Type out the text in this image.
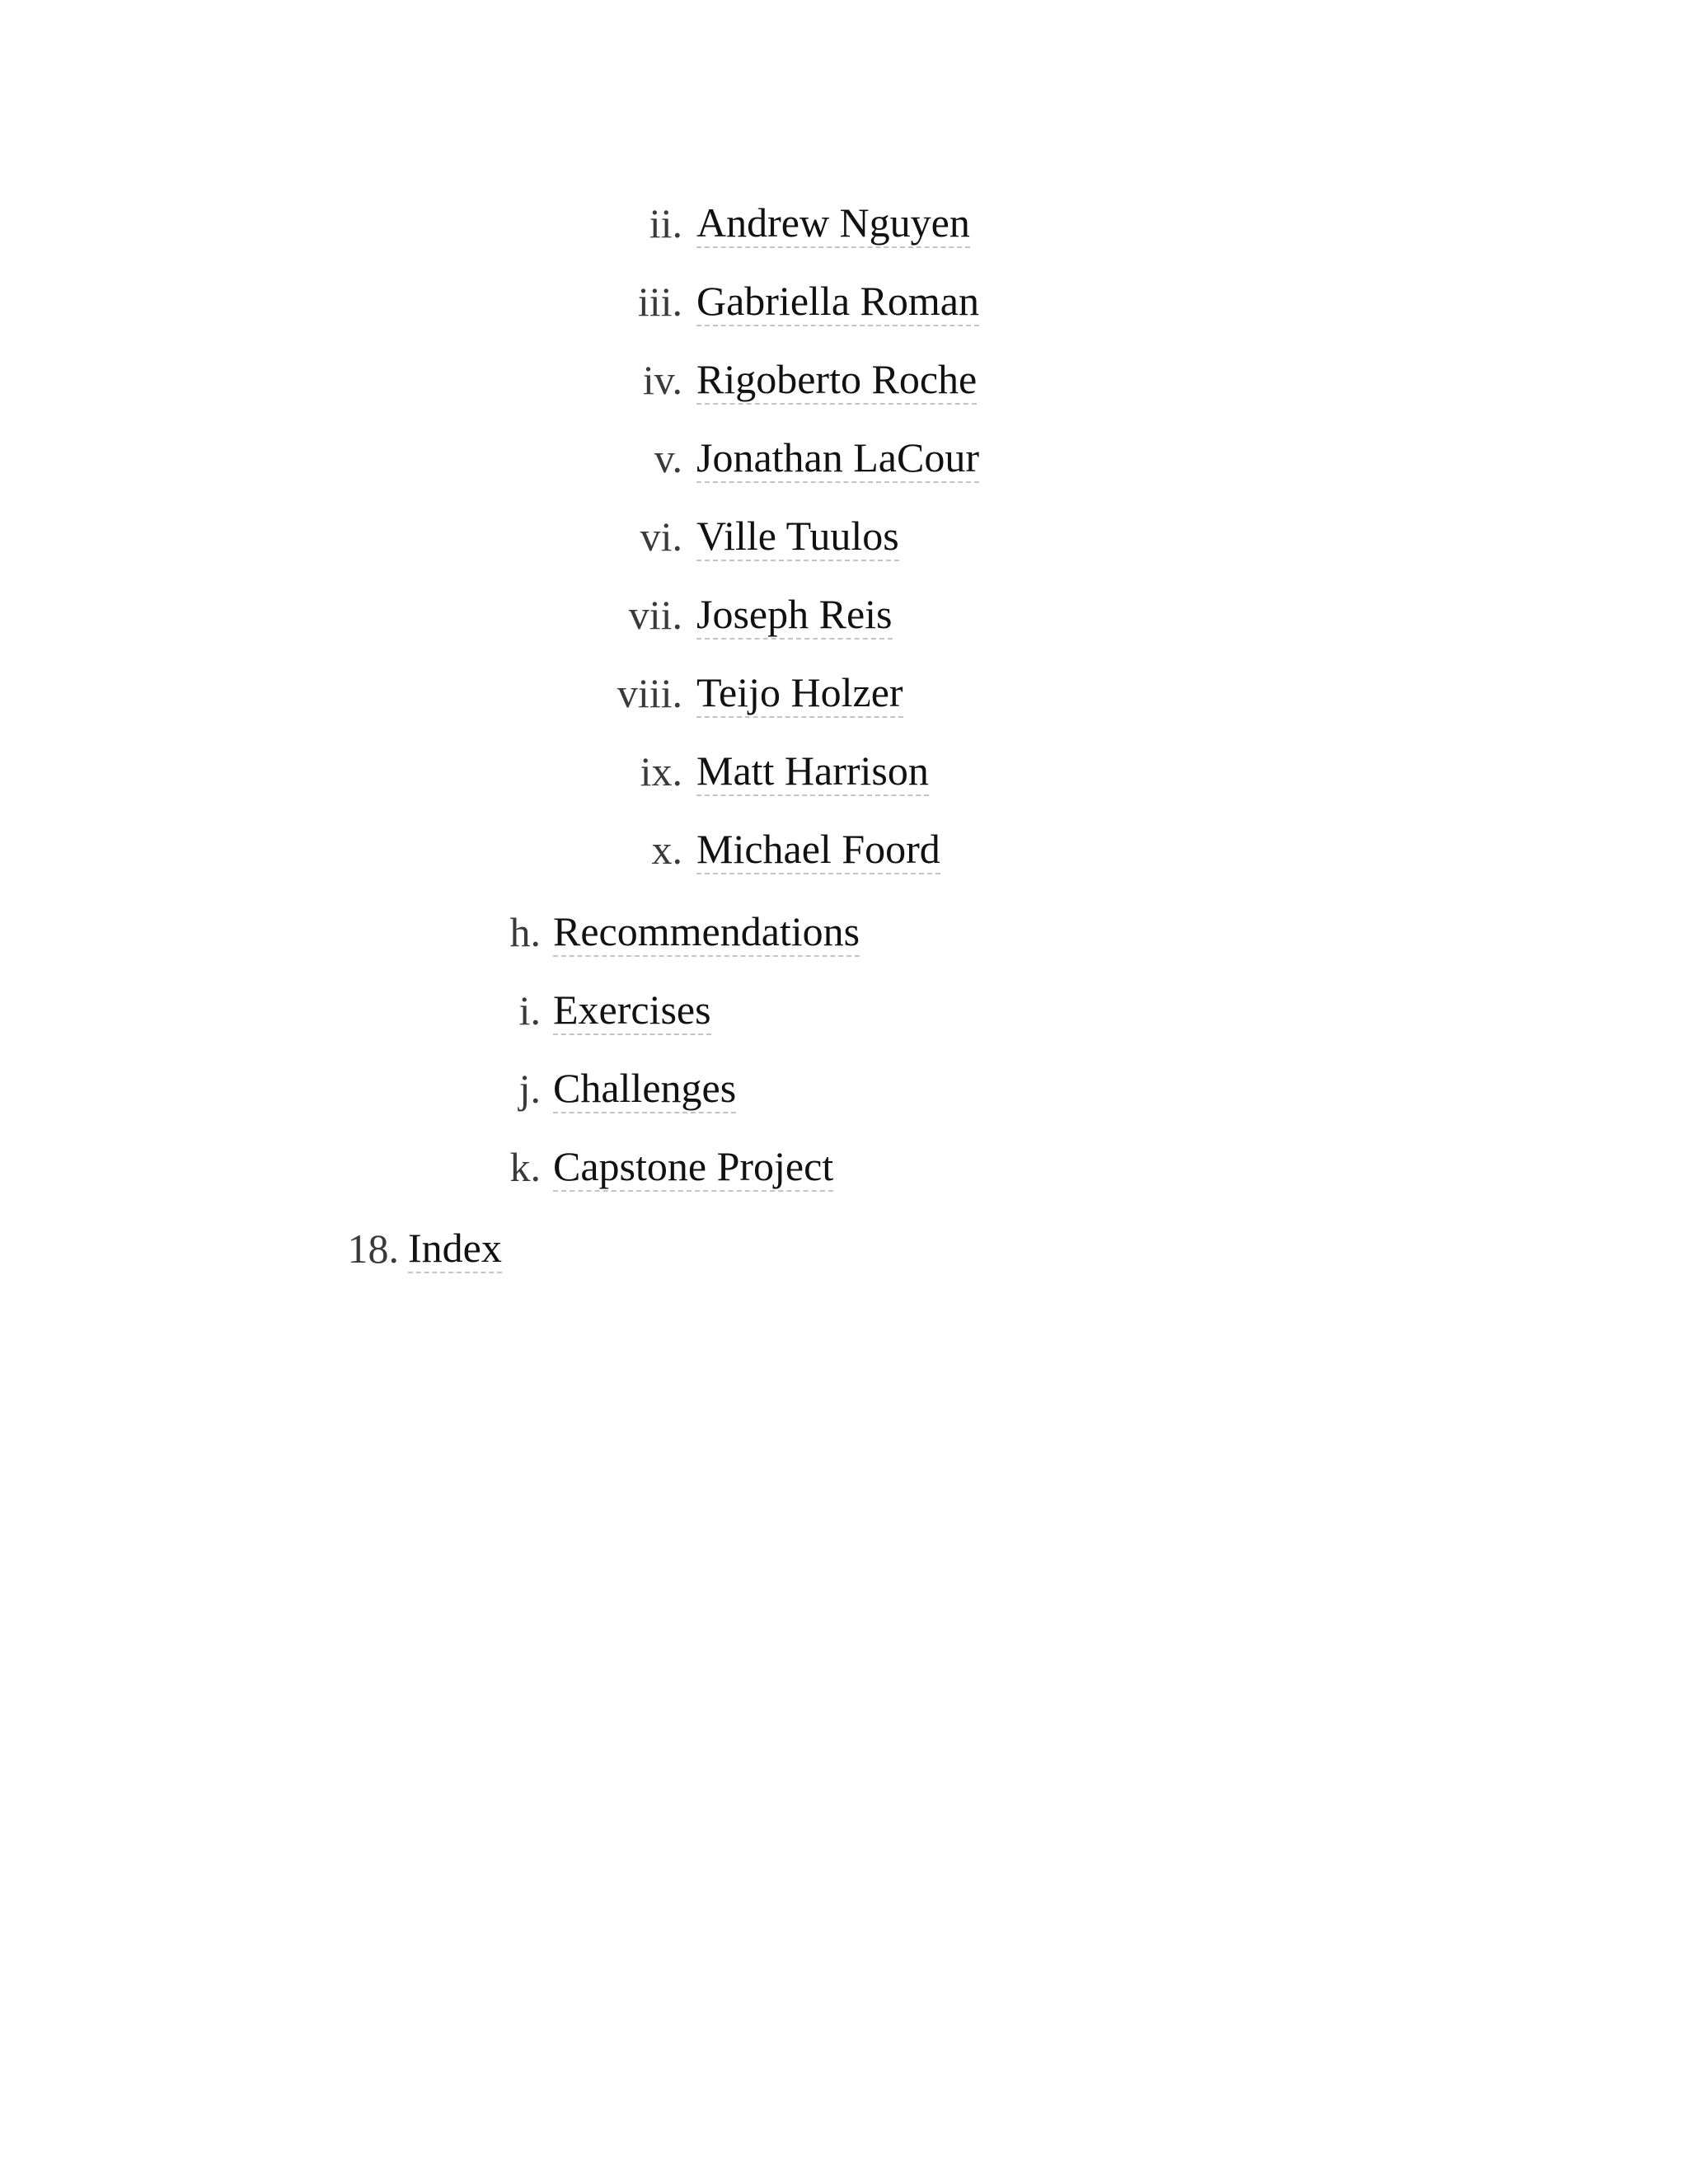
ii. Andrew Nguyen
iii. Gabriella Roman
iv. Rigoberto Roche
v. Jonathan LaCour
vi. Ville Tuulos
vii. Joseph Reis
viii. Teijo Holzer
ix. Matt Harrison
x. Michael Foord
h. Recommendations
i. Exercises
j. Challenges
k. Capstone Project
18. Index
